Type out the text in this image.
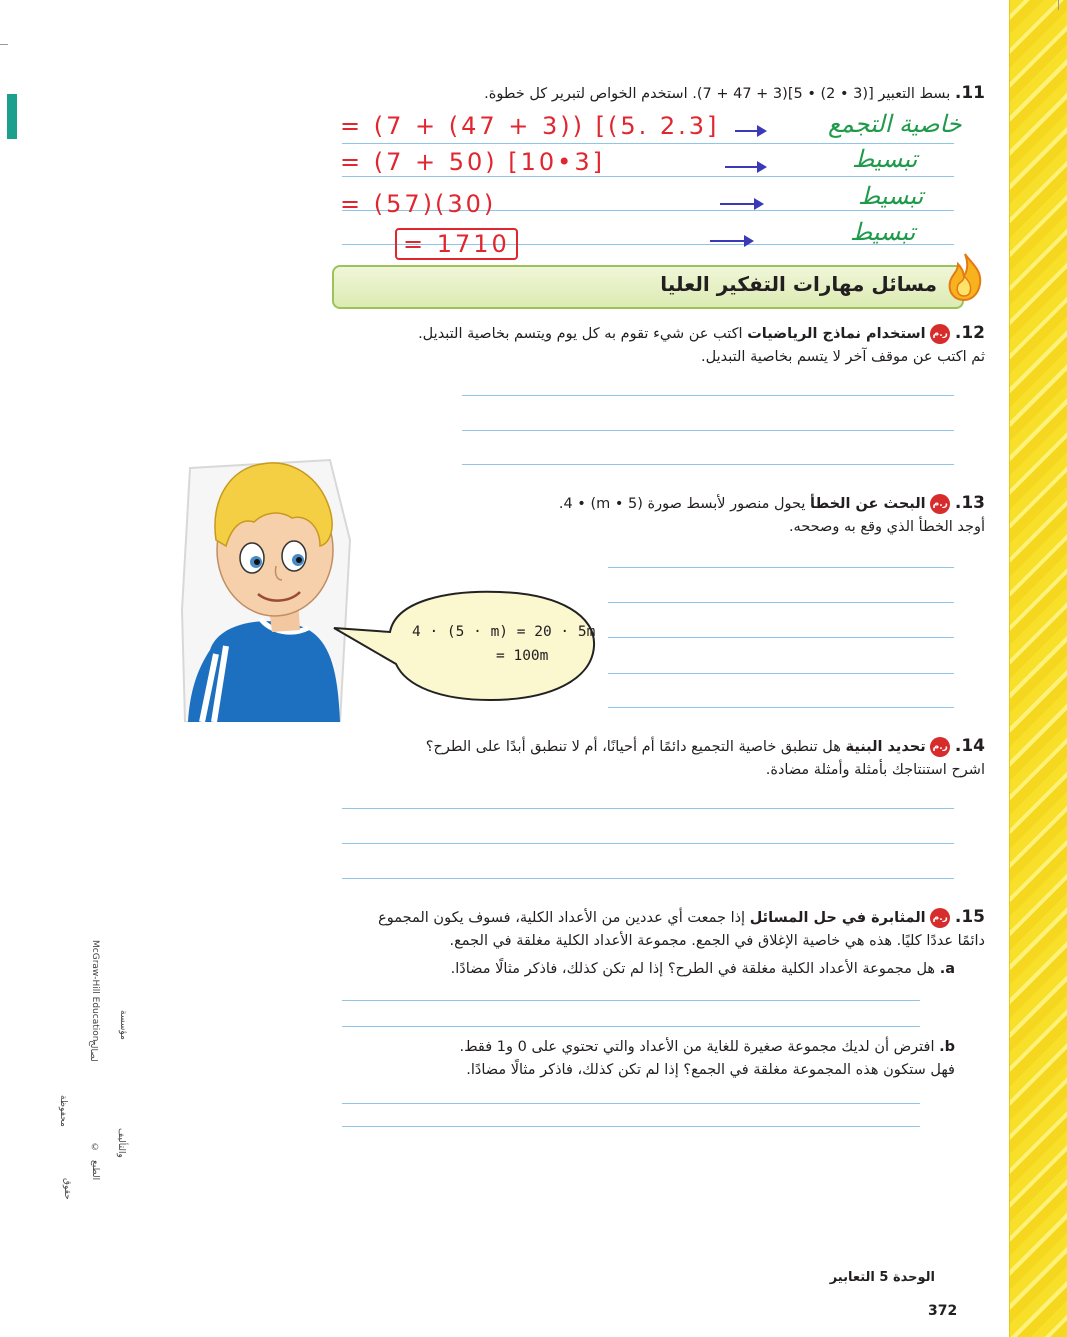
11. بسط التعبير [(3 • 2) • 5](3 + 47 + 7). استخدم الخواص لتبرير كل خطوة.
= (7 + (47 + 3)) [(5. 2.3]
= (7 + 50) [10•3]
= (57)(30)
= 1710
خاصية التجمع
تبسيط
تبسيط
تبسيط
مسائل مهارات التفكير العليا
12. ر.م استخدام نماذج الرياضيات اكتب عن شيء تقوم به كل يوم ويتسم بخاصية التبديل.
ثم اكتب عن موقف آخر لا يتسم بخاصية التبديل.
13. ر.م البحث عن الخطأ يحول منصور لأبسط صورة (m • 5) • 4.
أوجد الخطأ الذي وقع به وصححه.
4 · (5 · m) = 20 · 5m
= 100m
14. ر.م تحديد البنية هل تنطبق خاصية التجميع دائمًا أم أحيانًا، أم لا تنطبق أبدًا على الطرح؟
اشرح استنتاجك بأمثلة وأمثلة مضادة.
15. ر.م المثابرة في حل المسائل إذا جمعت أي عددين من الأعداد الكلية، فسوف يكون المجموع
دائمًا عددًا كليًا. هذه هي خاصية الإغلاق في الجمع. مجموعة الأعداد الكلية مغلقة في الجمع.
a. هل مجموعة الأعداد الكلية مغلقة في الطرح؟ إذا لم تكن كذلك، فاذكر مثالًا مضادًا.
b. افترض أن لديك مجموعة صغيرة للغاية من الأعداد والتي تحتوي على 0 و1 فقط.
فهل ستكون هذه المجموعة مغلقة في الجمع؟ إذا لم تكن كذلك، فاذكر مثالًا مضادًا.
McGraw-Hill Education
لصالح
مؤسسة
محفوظة
© والتأليف
الطبع
حقوق
الوحدة 5 التعابير
372
